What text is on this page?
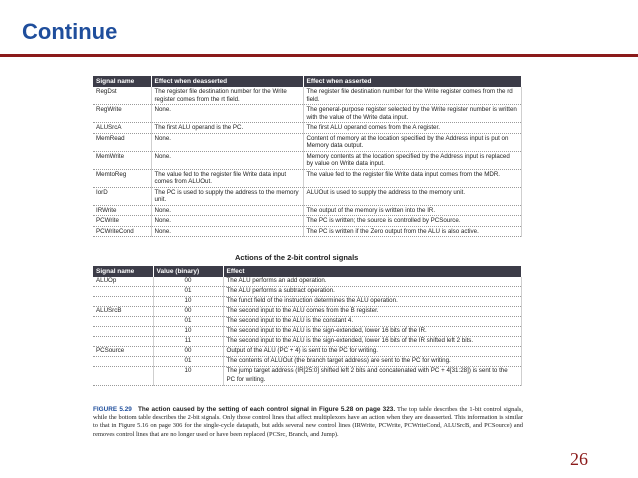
Continue
Signal name	Effect when deasserted	Effect when asserted
RegDst	The register file destination number for the Write register comes from the rt field.	The register file destination number for the Write register comes from the rd field.
RegWrite	None.	The general-purpose register selected by the Write register number is written with the value of the Write data input.
ALUSrcA	The first ALU operand is the PC.	The first ALU operand comes from the A register.
MemRead	None.	Content of memory at the location specified by the Address input is put on Memory data output.
MemWrite	None.	Memory contents at the location specified by the Address input is replaced by value on Write data input.
MemtoReg	The value fed to the register file Write data input comes from ALUOut.	The value fed to the register file Write data input comes from the MDR.
IorD	The PC is used to supply the address to the memory unit.	ALUOut is used to supply the address to the memory unit.
IRWrite	None.	The output of the memory is written into the IR.
PCWrite	None.	The PC is written; the source is controlled by PCSource.
PCWriteCond	None.	The PC is written if the Zero output from the ALU is also active.
Actions of the 2-bit control signals
Signal name	Value (binary)	Effect
ALUOp	00	The ALU performs an add operation.
	01	The ALU performs a subtract operation.
	10	The funct field of the instruction determines the ALU operation.
ALUSrcB	00	The second input to the ALU comes from the B register.
	01	The second input to the ALU is the constant 4.
	10	The second input to the ALU is the sign-extended, lower 16 bits of the IR.
	11	The second input to the ALU is the sign-extended, lower 16 bits of the IR shifted left 2 bits.
PCSource	00	Output of the ALU (PC + 4) is sent to the PC for writing.
	01	The contents of ALUOut (the branch target address) are sent to the PC for writing.
	10	The jump target address (IR[25:0] shifted left 2 bits and concatenated with PC + 4[31:28]) is sent to the PC for writing.
FIGURE 5.29 The action caused by the setting of each control signal in Figure 5.28 on page 323. The top table describes the 1-bit control signals, while the bottom table describes the 2-bit signals. Only those control lines that affect multiplexors have an action when they are deasserted. This information is similar to that in Figure 5.16 on page 306 for the single-cycle datapath, but adds several new control lines (IRWrite, PCWrite, PCWriteCond, ALUSrcB, and PCSource) and removes control lines that are no longer used or have been replaced (PCSrc, Branch, and Jump).
26
